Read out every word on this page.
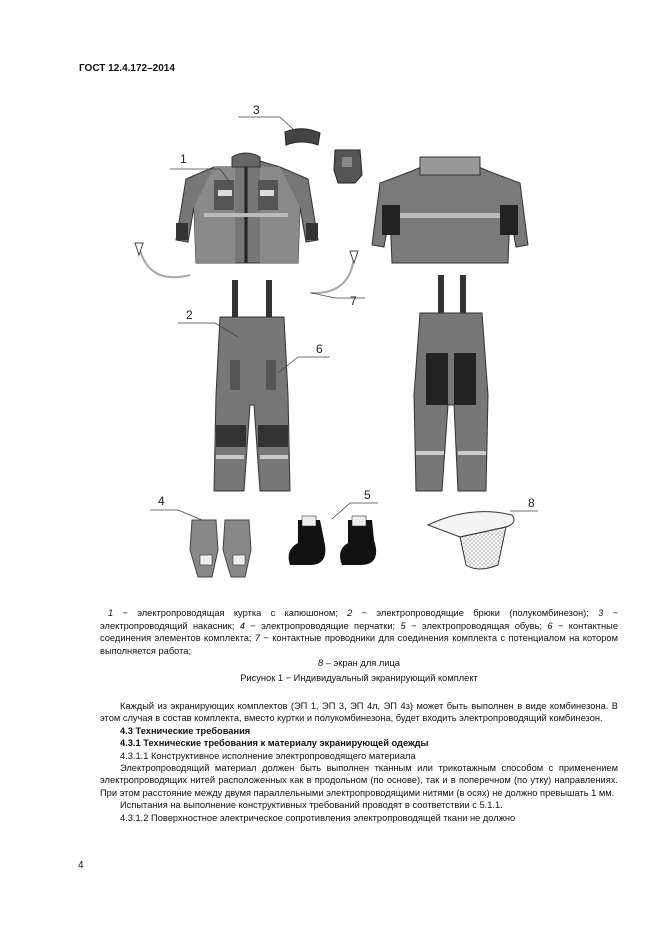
ГОСТ 12.4.172–2014
3
1
2
6
7
4	5
8
1 − электропроводящая куртка с капюшоном; 2 − электропроводящие брюки (полукомбинезон); 3 − электропроводящий накасник; 4 − электропроводящие перчатки; 5 − электропроводящая обувь; 6 − контактные соединения элементов комплекта; 7 − контактные проводники для соединения комплекта с потенциалом на котором выполняется работа;
8 – экран для лица
Рисунок 1 − Индивидуальный экранирующий комплект

Каждый из экранирующих комплектов (ЭП 1, ЭП 3, ЭП 4л, ЭП 4з) может быть выполнен в виде комбинезона. В этом случая в состав комплекта, вместо куртки и полукомбинезона, будет входить электропроводящий комбинезон.

4.3 Технические требования

4.3.1 Технические требования к материалу экранирующей одежды

4.3.1.1 Конструктивное исполнение электропроводящего материала

Электропроводящий материал должен быть выполнен тканным или трикотажным способом с применением электропроводящих нитей расположенных как в продольном (по основе), так и в поперечном (по утку) направлениях. При этом расстояние между двумя параллельными электропроводящими нитями (в осях) не должно превышать 1 мм.

Испытания на выполнение конструктивных требований проводят в соответствии с 5.1.1.

4.3.1.2 Поверхностное электрическое сопротивления электропроводящей ткани не должно

4
